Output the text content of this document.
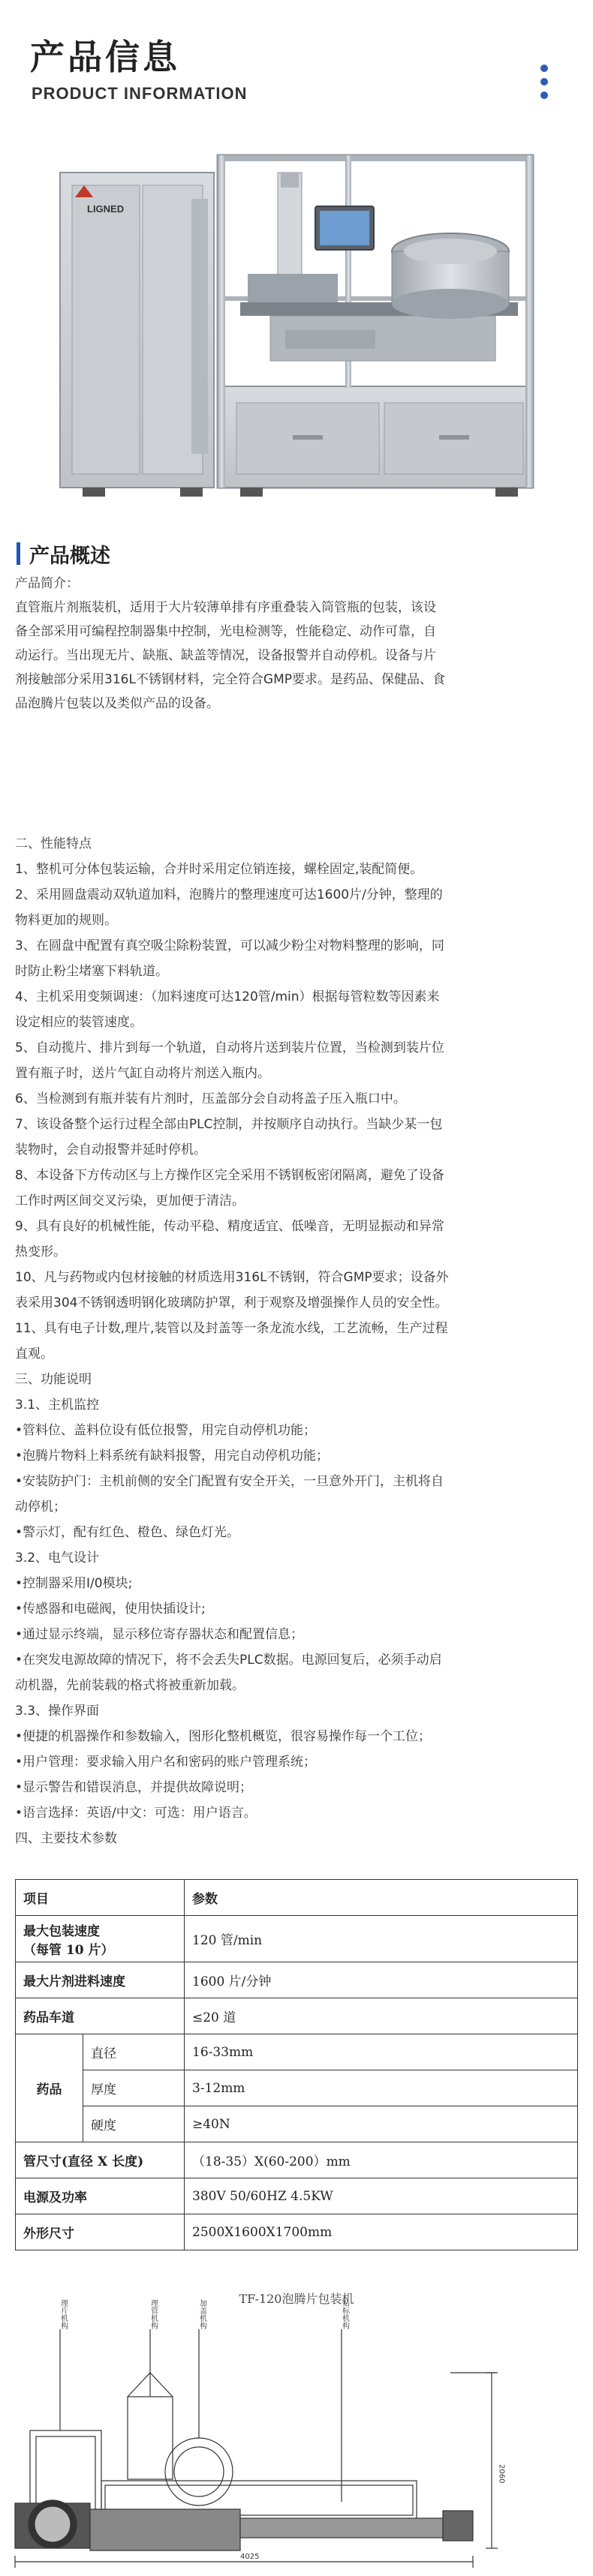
产品信息
PRODUCT INFORMATION
LIGNED
产品概述

产品简介：

直管瓶片剂瓶装机，适用于大片较薄单排有序重叠装入筒管瓶的包装，该设

备全部采用可编程控制器集中控制，光电检测等，性能稳定、动作可靠，自

动运行。当出现无片、缺瓶、缺盖等情况，设备报警并自动停机。设备与片

剂接触部分采用316L不锈钢材料，完全符合GMP要求。是药品、保健品、食

品泡腾片包装以及类似产品的设备。

二、性能特点

1、整机可分体包装运输，合并时采用定位销连接，螺栓固定,装配简便。

2、采用圆盘震动双轨道加料，泡腾片的整理速度可达1600片/分钟，整理的

物料更加的规则。

3、在圆盘中配置有真空吸尘除粉装置，可以减少粉尘对物料整理的影响，同

时防止粉尘堵塞下料轨道。

4、主机采用变频调速：（加料速度可达120管/min）根据每管粒数等因素来

设定相应的装管速度。

5、自动揽片、排片到每一个轨道，自动将片送到装片位置，当检测到装片位

置有瓶子时，送片气缸自动将片剂送入瓶内。

6、当检测到有瓶并装有片剂时，压盖部分会自动将盖子压入瓶口中。

7、该设备整个运行过程全部由PLC控制，并按顺序自动执行。当缺少某一包

装物时，会自动报警并延时停机。

8、本设备下方传动区与上方操作区完全采用不锈钢板密闭隔离，避免了设备

工作时两区间交叉污染，更加便于清洁。

9、具有良好的机械性能，传动平稳、精度适宜、低噪音，无明显振动和异常

热变形。

10、凡与药物或内包材接触的材质选用316L不锈钢，符合GMP要求；设备外

表采用304不锈钢透明钢化玻璃防护罩，利于观察及增强操作人员的安全性。

11、具有电子计数,理片,装管以及封盖等一条龙流水线，工艺流畅，生产过程

直观。

三、功能说明

3.1、主机监控

•管料位、盖料位设有低位报警，用完自动停机功能；

•泡腾片物料上料系统有缺料报警，用完自动停机功能；

•安装防护门：主机前侧的安全门配置有安全开关，一旦意外开门，主机将自

动停机；

•警示灯，配有红色、橙色、绿色灯光。

3.2、电气设计

•控制器采用I/0模块;

•传感器和电磁阀，使用快插设计;

•通过显示终端，显示移位寄存器状态和配置信息；

•在突发电源故障的情况下，将不会丢失PLC数据。电源回复后，必须手动启

动机器，先前装载的格式将被重新加载。

3.3、操作界面

•便捷的机器操作和参数输入，图形化整机概览，很容易操作每一个工位；

•用户管理：要求输入用户名和密码的账户管理系统；

•显示警告和错误消息，并提供故障说明；

•语言选择：英语/中文：可选：用户语言。

四、主要技术参数

项目		参数

最大包装速度
（每管 10 片）		120 管/min
最大片剂进料速度		1600 片/分钟
药品车道		≤20 道
药品	直径	16-33mm
	厚度	3-12mm
	硬度	≥40N
管尺寸(直径 X 长度)		（18-35）X(60-200）mm
电源及功率		380V 50/60HZ 4.5KW
外形尺寸		2500X1600X1700mm
TF-120泡腾片包装机
理片机构	理管机构	加盖机构	贴标机构
4025
2060
